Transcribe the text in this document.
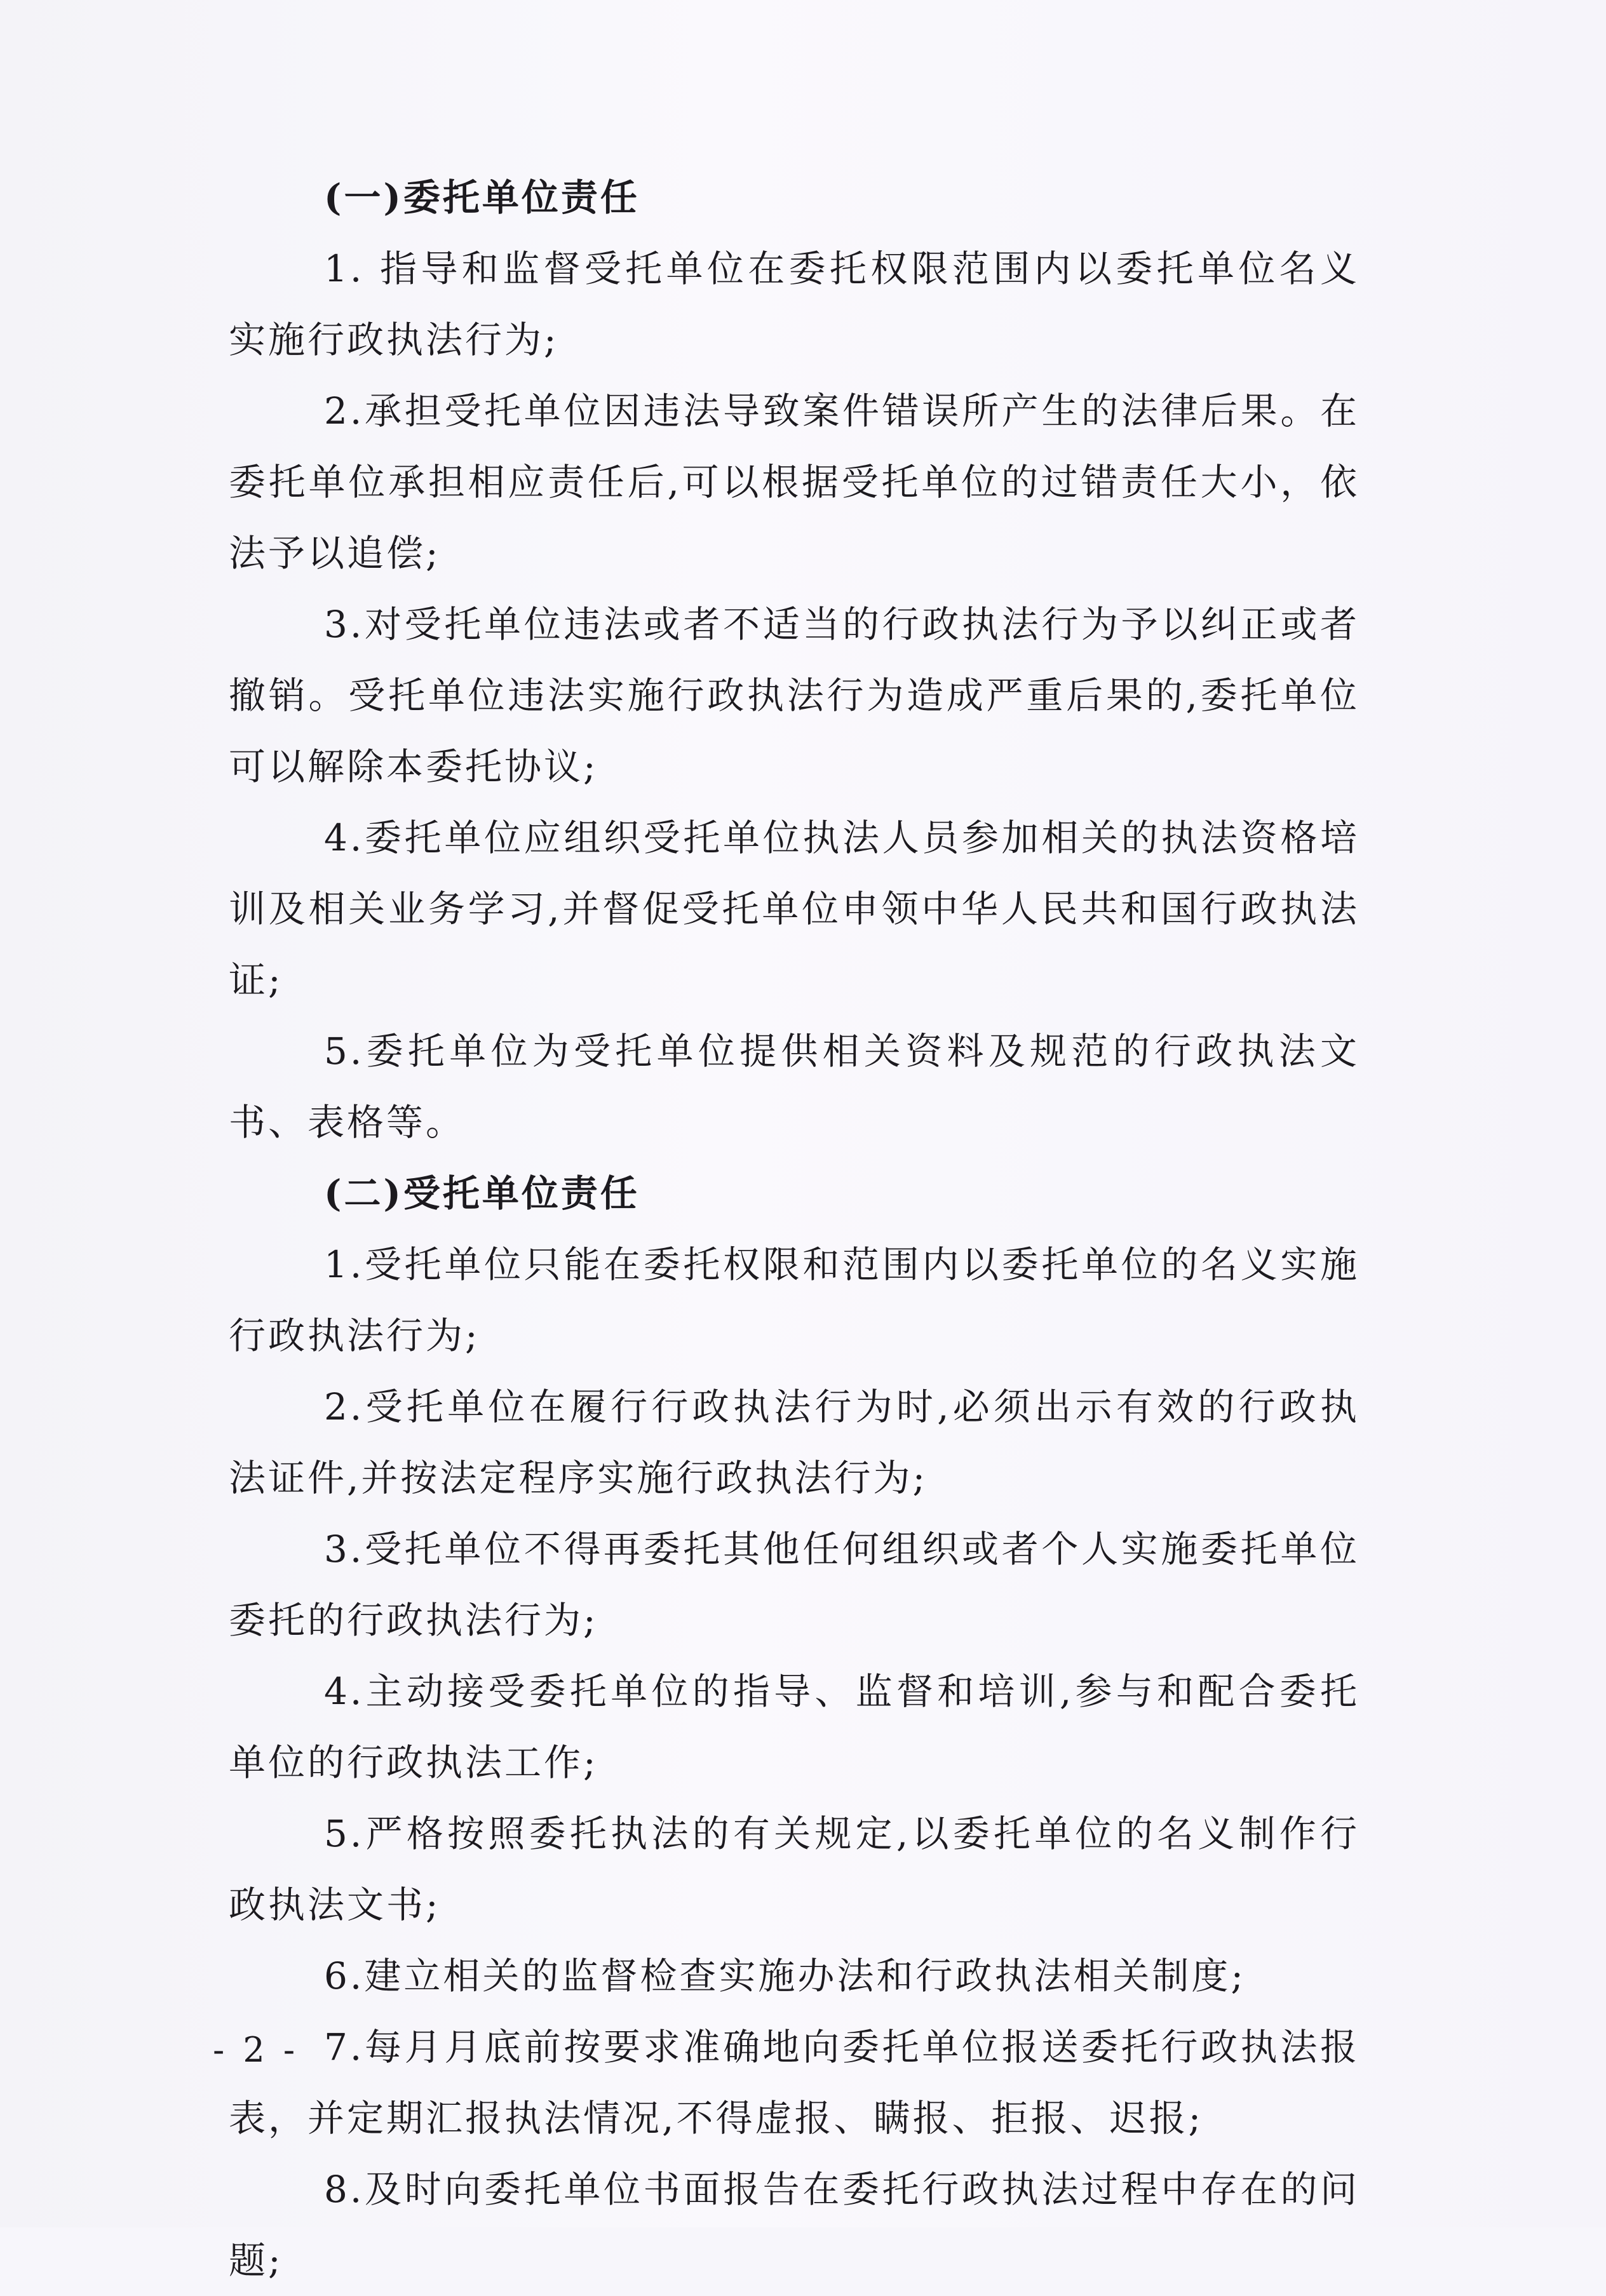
(一)委托单位责任

1. 指导和监督受托单位在委托权限范围内以委托单位名义实施行政执法行为;

2.承担受托单位因违法导致案件错误所产生的法律后果。在委托单位承担相应责任后,可以根据受托单位的过错责任大小，依法予以追偿;

3.对受托单位违法或者不适当的行政执法行为予以纠正或者撤销。受托单位违法实施行政执法行为造成严重后果的,委托单位可以解除本委托协议;

4.委托单位应组织受托单位执法人员参加相关的执法资格培训及相关业务学习,并督促受托单位申领中华人民共和国行政执法证;

5.委托单位为受托单位提供相关资料及规范的行政执法文书、表格等。

(二)受托单位责任

1.受托单位只能在委托权限和范围内以委托单位的名义实施行政执法行为;

2.受托单位在履行行政执法行为时,必须出示有效的行政执法证件,并按法定程序实施行政执法行为;

3.受托单位不得再委托其他任何组织或者个人实施委托单位委托的行政执法行为;

4.主动接受委托单位的指导、监督和培训,参与和配合委托单位的行政执法工作;

5.严格按照委托执法的有关规定,以委托单位的名义制作行政执法文书;

6.建立相关的监督检查实施办法和行政执法相关制度;

7.每月月底前按要求准确地向委托单位报送委托行政执法报表，并定期汇报执法情况,不得虚报、瞒报、拒报、迟报;

8.及时向委托单位书面报告在委托行政执法过程中存在的问题;

- 2 -
